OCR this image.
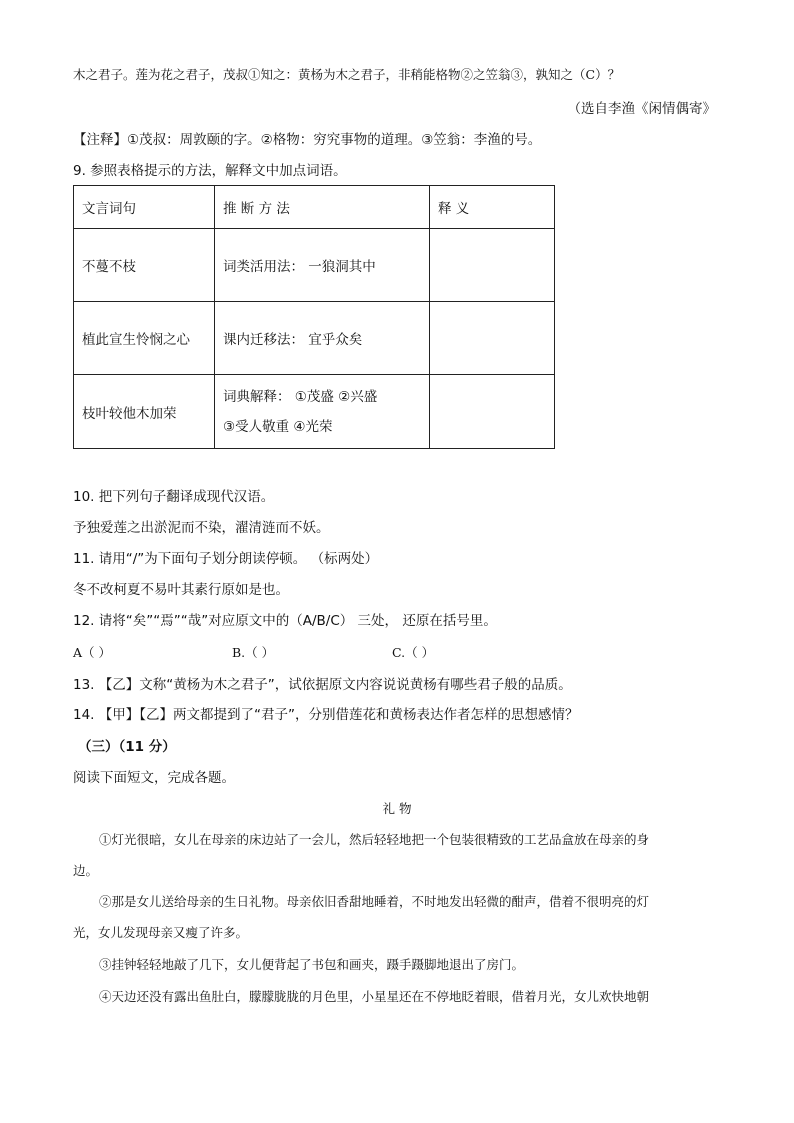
木之君子。莲为花之君子，茂叔①知之：黄杨为木之君子，非稍能格物②之笠翁③，孰知之（C）？
（选自李渔《闲情偶寄》
【注释】①茂叔：周敦颐的字。②格物：穷究事物的道理。③笠翁：李渔的号。
9. 参照表格提示的方法，解释文中加点词语。
文言词句	推 断 方 法	释 义
不蔓不枝	词类活用法： 一狼洞其中	
植此宣生怜悯之心	课内迁移法： 宜乎众矣	
枝叶较他木加荣	词典解释： ①茂盛 ②兴盛
③受人敬重 ④光荣	

10. 把下列句子翻译成现代汉语。
予独爱莲之出淤泥而不染，濯清涟而不妖。
11. 请用“/”为下面句子划分朗读停顿。 （标两处）
冬不改柯夏不易叶其素行原如是也。
12. 请将“矣”“焉”“哉”对应原文中的（A/B/C） 三处， 还原在括号里。
A（ ）	B.（ ）	C.（ ）
13. 【乙】文称“黄杨为木之君子”，试依据原文内容说说黄杨有哪些君子般的品质。
14. 【甲】【乙】两文都提到了“君子”，分别借莲花和黄杨表达作者怎样的思想感情？
（三）（11 分）
阅读下面短文，完成各题。
礼 物
①灯光很暗，女儿在母亲的床边站了一会儿，然后轻轻地把一个包装很精致的工艺品盒放在母亲的身
边。
②那是女儿送给母亲的生日礼物。母亲依旧香甜地睡着，不时地发出轻微的酣声，借着不很明亮的灯
光，女儿发现母亲又瘦了许多。
③挂钟轻轻地敲了几下，女儿便背起了书包和画夹，蹑手蹑脚地退出了房门。
④天边还没有露出鱼肚白，朦朦胧胧的月色里，小星星还在不停地眨着眼，借着月光，女儿欢快地朝
